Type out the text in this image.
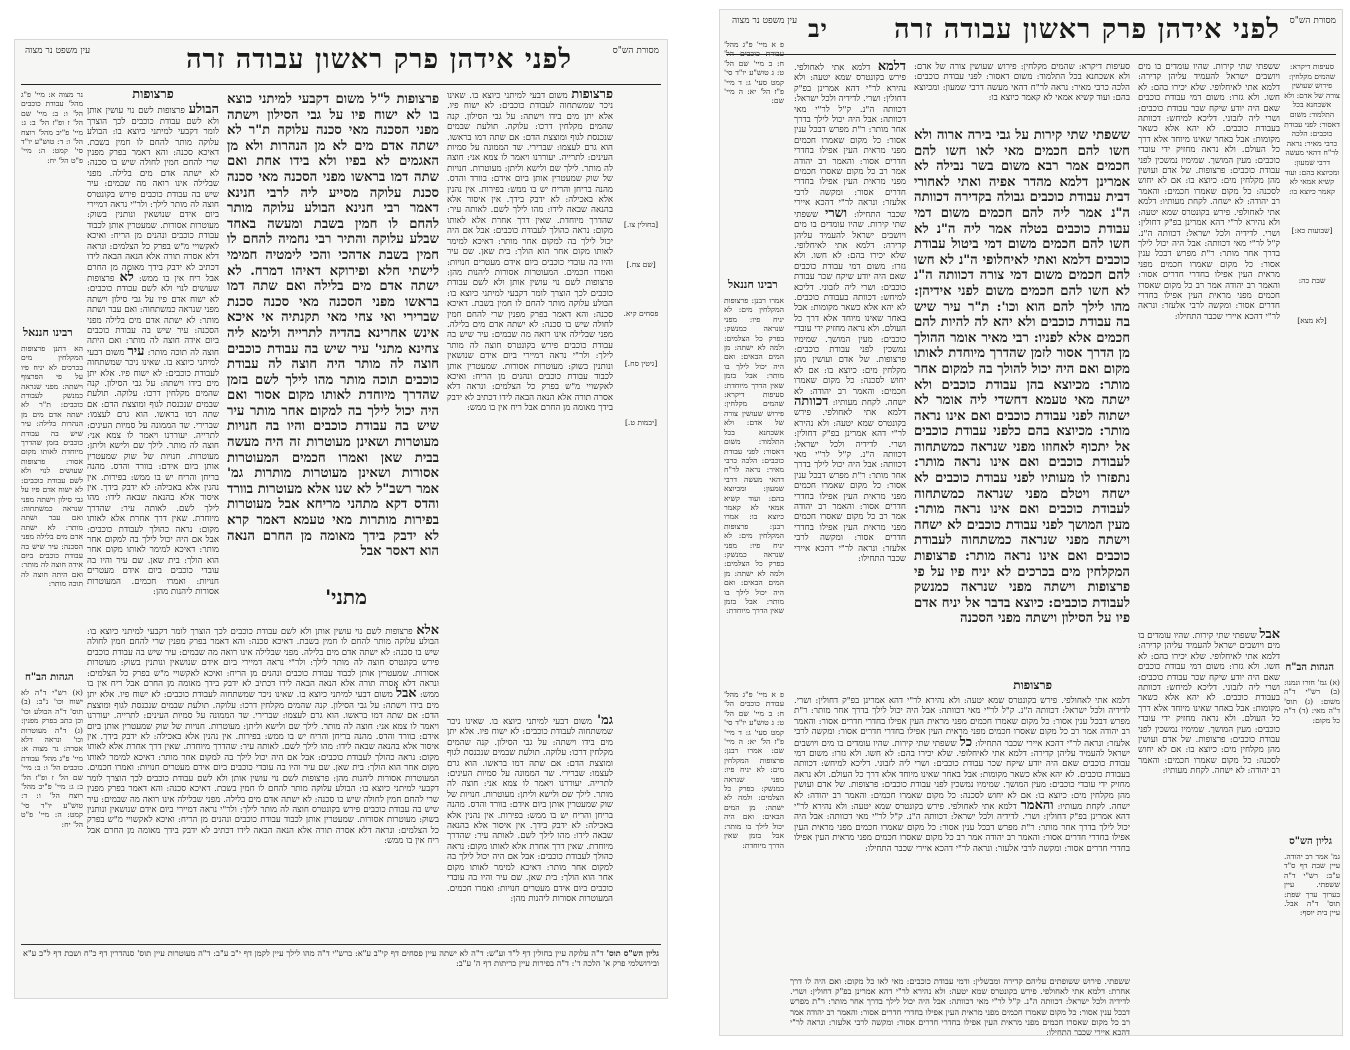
מסורת הש"ס
לפני אידהן פרק ראשון עבודה זרה
עין משפט נר מצוה
[בחולין צו.]
[שם צח.]
פסחים קיא.
[גיטין סח.]
[יבמות ט.]
פרצופות משום דבעי למיתני כיוצא בו. שאינו ניכר שמשתחוה לעבודת כוכבים: לא ישוח פיו. אלא יתן מים בידו וישתה: על גבי הסילון. קנה שהמים מקלחין דרכו: עלוקה. תולעת שבמים שנכנסת לגוף ומוצצת הדם: אם שתה דמו בראשו. הוא גרם לעצמו: שברירי. שד הממונה על סמיות העינים: לתרייה. יעוררנו ויאמר לו צמא אני: חוצה לה מותר. לילך שם ולישא וליתן: מעוטרות. חנויות של שוק שמעטרין אותן ביום אידם: בוורד והדס. מהנה בריחן והריח יש בו ממש: בפירות. אין נהנין אלא באכילה: לא ידבק בידך. אין איסור אלא בהנאה שבאה לידו: מהו לילך לשם. לאותה עיר: שהדרך מיוחדת. שאין דרך אחרת אלא לאותו מקום: נראה כהולך לעבודת כוכבים: אבל אם היה יכול לילך בה למקום אחר מותר: דאיכא למימר לאותו מקום אחר הוא הולך: בית שאן. שם עיר והיו בה עובדי כוכבים ביום אידם מעטרים חנויות: ואמרו חכמים. המעוטרות אסורות ליהנות מהן: פרצופות לשם נוי עושין אותן ולא לשם עבודת כוכבים לכך הוצרך לומר דקבעי למיתני כיוצא בו: הבולע עלוקה מותר להחם לו חמין בשבת. דאיכא סכנה: והא דאמר בפרק מפנין שרי להחם חמין לחולה שיש בו סכנה: לא ישתה אדם מים בלילה. מפני שבלילה אינו רואה מה שבמים: עיר שיש בה עבודת כוכבים פירש בקונטרס חוצה לה מותר לילך: ולר"י נראה דמיירי ביום אידם שנושאין ונותנין בשוק: מעוטרות אסורות. שמעטרין אותן לכבוד עבודת כוכבים ונהנים מן הריח: ואיכא לאקשויי מ"ש בפרק כל הצלמים: ונראה דלא אסרה תורה אלא הנאה הבאה לידו דכתיב לא ידבק בידך מאומה מן החרם אבל ריח אין בו ממש:
פרצופות ל"ל משום דקבעי למיתני כוצא בו לא ישוח פיו על גבי הסילון וישתה מפני הסכנה מאי סכנה עלוקה ת"ר לא ישתה אדם מים לא מן הנהרות ולא מן האגמים לא בפיו ולא בידו אחת ואם שתה דמו בראשו מפני הסכנה מאי סכנה סכנת עלוקה מסייע ליה לרבי חנינא דאמר רבי חנינא הבולע עלוקה מותר להחם לו חמין בשבת ומעשה באחד שבלע עלוקה והתיר רבי נחמיה להחם לו חמין בשבת אדהכי והכי לימטיה חמימי לישתי חלא ופירוקא דאיהו דמרח. לא ישתה אדם מים בלילה ואם שתה דמו בראשו מפני הסכנה מאי סכנה סכנת שברירי ואי צחי מאי תקנתיה אי איכא אינש אחרינא בהדיה לתרייה ולימא ליה צחינא מתני' עיר שיש בה עבודת כוכבים חוצה לה מותר היה חוצה לה עבודת כוכבים תוכה מותר מהו לילך לשם בזמן שהדרך מיוחדת לאותו מקום אסור ואם היה יכול לילך בה למקום אחר מותר עיר שיש בה עבודת כוכבים והיו בה חנויות מעוטרות ושאינן מעוטרות זה היה מעשה בבית שאן ואמרו חכמים המעוטרות אסורות ושאינן מעוטרות מותרות גמ' אמר רשב"ל לא שנו אלא מעוטרות בוורד והדס דקא מתהני מריחא אבל מעוטרות בפירות מותרות מאי טעמא דאמר קרא לא ידבק בידך מאומה מן החרם הנאה הוא דאסר אבל
מתני'
פרצופות
הבולע פרצופות לשם נוי עושין אותן ולא לשם עבודת כוכבים לכך הוצרך לומר דקבעי למיתני כיוצא בו: הבולע עלוקה מותר להחם לו חמין בשבת. דאיכא סכנה: והא דאמר בפרק מפנין שרי להחם חמין לחולה שיש בו סכנה: לא ישתה אדם מים בלילה. מפני שבלילה אינו רואה מה שבמים: עיר שיש בה עבודת כוכבים פירש בקונטרס חוצה לה מותר לילך: ולר"י נראה דמיירי ביום אידם שנושאין ונותנין בשוק: מעוטרות אסורות. שמעטרין אותן לכבוד עבודת כוכבים ונהנים מן הריח: ואיכא לאקשויי מ"ש בפרק כל הצלמים: ונראה דלא אסרה תורה אלא הנאה הבאה לידו דכתיב לא ידבק בידך מאומה מן החרם אבל ריח אין בו ממש: לא פרצופות שעושים לנוי ולא לשם עבודת כוכבים: לא ישוח אדם פיו על גבי סילון וישתה מפני שנראה כמשתחוה: ואם עבר ושתה מותר: לא ישתה אדם מים בלילה מפני הסכנה: עיר שיש בה עבודת כוכבים ביום אידה חוצה לה מותר: ואם היתה חוצה לה תוכה מותר: עיר משום דבעי למיתני כיוצא בו. שאינו ניכר שמשתחוה לעבודת כוכבים: לא ישוח פיו. אלא יתן מים בידו וישתה: על גבי הסילון. קנה שהמים מקלחין דרכו: עלוקה. תולעת שבמים שנכנסת לגוף ומוצצת הדם: אם שתה דמו בראשו. הוא גרם לעצמו: שברירי. שד הממונה על סמיות העינים: לתרייה. יעוררנו ויאמר לו צמא אני: חוצה לה מותר. לילך שם ולישא וליתן: מעוטרות. חנויות של שוק שמעטרין אותן ביום אידם: בוורד והדס. מהנה בריחן והריח יש בו ממש: בפירות. אין נהנין אלא באכילה: לא ידבק בידך. אין איסור אלא בהנאה שבאה לידו: מהו לילך לשם. לאותה עיר: שהדרך מיוחדת. שאין דרך אחרת אלא לאותו מקום: נראה כהולך לעבודת כוכבים: אבל אם היה יכול לילך בה למקום אחר מותר: דאיכא למימר לאותו מקום אחר הוא הולך: בית שאן. שם עיר והיו בה עובדי כוכבים ביום אידם מעטרים חנויות: ואמרו חכמים. המעוטרות אסורות ליהנות מהן:
נר מצוה א: מיי' פ"ג מהל' עבודת כוכבים הל' ו: ב: מיי' שם הל' ז ופ"ז הל' ב: ג: מיי' פ"יב מהל' רוצח הל' ו: ד: טוש"ע יו"ד סי' קמט: ה: מיי' פ"ט הל' יח:
רבינו חננאל
הא דתנן פרצופות המקלחין מים בכרכים לא יניח פיו על פי הפרצוף וישתה: מפני שנראה כמנשק לעבודת כוכבים: ת"ר לא ישתה אדם מים מן הנהרות בלילה: עיר שיש בה עבודת כוכבים בזמן שהדרך מיוחדת לאותו מקום אסור: פרצופות שעושים לנוי ולא לשם עבודת כוכבים: לא ישוח אדם פיו על גבי סילון וישתה מפני שנראה כמשתחוה: ואם עבר ושתה מותר: לא ישתה אדם מים בלילה מפני הסכנה: עיר שיש בה עבודת כוכבים ביום אידה חוצה לה מותר: ואם היתה חוצה לה תוכה מותר:
הגהות הב"ח
(א) רש"י ד"ה לא ישוח וכו' נ"ב: (ב) תוס' ד"ה הבולע וכו' וכן כתב בפרק מפנין: (ג) ד"ה מעוטרות וכו' ונראה דלא אסרה: נר מצוה א: מיי' פ"ג מהל' עבודת כוכבים הל' ו: ב: מיי' שם הל' ז ופ"ז הל' ב: ג: מיי' פ"יב מהל' רוצח הל' ו: ד: טוש"ע יו"ד סי' קמט: ה: מיי' פ"ט הל' יח:
גמ' משום דבעי למיתני כיוצא בו. שאינו ניכר שמשתחוה לעבודת כוכבים: לא ישוח פיו. אלא יתן מים בידו וישתה: על גבי הסילון. קנה שהמים מקלחין דרכו: עלוקה. תולעת שבמים שנכנסת לגוף ומוצצת הדם: אם שתה דמו בראשו. הוא גרם לעצמו: שברירי. שד הממונה על סמיות העינים: לתרייה. יעוררנו ויאמר לו צמא אני: חוצה לה מותר. לילך שם ולישא וליתן: מעוטרות. חנויות של שוק שמעטרין אותן ביום אידם: בוורד והדס. מהנה בריחן והריח יש בו ממש: בפירות. אין נהנין אלא באכילה: לא ידבק בידך. אין איסור אלא בהנאה שבאה לידו: מהו לילך לשם. לאותה עיר: שהדרך מיוחדת. שאין דרך אחרת אלא לאותו מקום: נראה כהולך לעבודת כוכבים: אבל אם היה יכול לילך בה למקום אחר מותר: דאיכא למימר לאותו מקום אחר הוא הולך: בית שאן. שם עיר והיו בה עובדי כוכבים ביום אידם מעטרים חנויות: ואמרו חכמים. המעוטרות אסורות ליהנות מהן:
אלא פרצופות לשם נוי עושין אותן ולא לשם עבודת כוכבים לכך הוצרך לומר דקבעי למיתני כיוצא בו: הבולע עלוקה מותר להחם לו חמין בשבת. דאיכא סכנה: והא דאמר בפרק מפנין שרי להחם חמין לחולה שיש בו סכנה: לא ישתה אדם מים בלילה. מפני שבלילה אינו רואה מה שבמים: עיר שיש בה עבודת כוכבים פירש בקונטרס חוצה לה מותר לילך: ולר"י נראה דמיירי ביום אידם שנושאין ונותנין בשוק: מעוטרות אסורות. שמעטרין אותן לכבוד עבודת כוכבים ונהנים מן הריח: ואיכא לאקשויי מ"ש בפרק כל הצלמים: ונראה דלא אסרה תורה אלא הנאה הבאה לידו דכתיב לא ידבק בידך מאומה מן החרם אבל ריח אין בו ממש: אבל משום דבעי למיתני כיוצא בו. שאינו ניכר שמשתחוה לעבודת כוכבים: לא ישוח פיו. אלא יתן מים בידו וישתה: על גבי הסילון. קנה שהמים מקלחין דרכו: עלוקה. תולעת שבמים שנכנסת לגוף ומוצצת הדם: אם שתה דמו בראשו. הוא גרם לעצמו: שברירי. שד הממונה על סמיות העינים: לתרייה. יעוררנו ויאמר לו צמא אני: חוצה לה מותר. לילך שם ולישא וליתן: מעוטרות. חנויות של שוק שמעטרין אותן ביום אידם: בוורד והדס. מהנה בריחן והריח יש בו ממש: בפירות. אין נהנין אלא באכילה: לא ידבק בידך. אין איסור אלא בהנאה שבאה לידו: מהו לילך לשם. לאותה עיר: שהדרך מיוחדת. שאין דרך אחרת אלא לאותו מקום: נראה כהולך לעבודת כוכבים: אבל אם היה יכול לילך בה למקום אחר מותר: דאיכא למימר לאותו מקום אחר הוא הולך: בית שאן. שם עיר והיו בה עובדי כוכבים ביום אידם מעטרים חנויות: ואמרו חכמים. המעוטרות אסורות ליהנות מהן: פרצופות לשם נוי עושין אותן ולא לשם עבודת כוכבים לכך הוצרך לומר דקבעי למיתני כיוצא בו: הבולע עלוקה מותר להחם לו חמין בשבת. דאיכא סכנה: והא דאמר בפרק מפנין שרי להחם חמין לחולה שיש בו סכנה: לא ישתה אדם מים בלילה. מפני שבלילה אינו רואה מה שבמים: עיר שיש בה עבודת כוכבים פירש בקונטרס חוצה לה מותר לילך: ולר"י נראה דמיירי ביום אידם שנושאין ונותנין בשוק: מעוטרות אסורות. שמעטרין אותן לכבוד עבודת כוכבים ונהנים מן הריח: ואיכא לאקשויי מ"ש בפרק כל הצלמים: ונראה דלא אסרה תורה אלא הנאה הבאה לידו דכתיב לא ידבק בידך מאומה מן החרם אבל ריח אין בו ממש:
גליון הש"ס תוס' ד"ה עלוקה עיין בחולין דף ל"ד וע"ש: ד"ה לא ישתה עיין פסחים דף קי"ב ע"א: ברש"י ד"ה מהו לילך עיין לקמן דף י"ב ע"ב: ד"ה מעוטרות עיין תוס' סנהדרין דף כ"ח ושבת דף ל"ב ע"א ובירושלמי פרק א' הלכה ד': ד"ה בפירות עיין כריתות דף ה' ע"ב:
מסורת הש"ס
לפני אידהן פרק ראשון עבודה זרה
יב
עין משפט נר מצוה
ששפתי שתי קירות. שהיו עומדים בו מים ויושבים ישראל להעמיד עליהן קדירה: דלמא אתי לאיחלופי. שלא יכירו בהם: לא חשו. ולא גזרו: משום דמי עבודת כוכבים שאם היה יודע שיקח שכר עבודת כוכבים: ושרי ליה לזבוני. דליכא למיחש: דכוותה בעבודת כוכבים. לא יהא אלא כשאר מקומות: אבל באחר שאינו מיוחד אלא דרך כל העולם. ולא נראה מחזיק ידי עובדי כוכבים: מעין המושך. שמימיו נמשכין לפני עבודת כוכבים: פרצופות. של אדם ועושין מהן מקלחין מים: כיוצא בו: אם לא יחוש לסכנה: כל מקום שאמרו חכמים: והאמר רב יהודה: לא ישחה. לקחת מעותיו: דלמא אתי לאחולפי. פירש בקונטרס שמא יטעה: ולא נהירא לר"י דהא אמרינן בפ"ק דחולין: ושרי. לדידיה ולכל ישראל: דכוותה ה"נ. ק"ל לר"י מאי דכוותה: אבל היה יכול לילך בדרך אחר מותר: ר"ת מפרש דבכל ענין אסור: כל מקום שאמרו חכמים מפני מראית העין אפילו בחדרי חדרים אסור: והאמר רב יהודה אמר רב כל מקום שאסרו חכמים מפני מראית העין אפילו בחדרי חדרים אסור: ומקשה לרבי אלעזר: ונראה לר"י דהכא איירי שכבר התחילו:
סעיפות דיקרא: שהמים מקלחין: פירוש שעושין צורה של אדם: ולא אשכחנא בכל התלמוד: משום דאסור: לפני עבודת כוכבים: הלכה כרבי מאיר: נראה לר"ח דהאי מעשה דרבי שמעון: ומכיוצא בהם: ועוד קשיא אמאי לא קאמר כיוצא בו:
[שבועות כא:]
שבת כה:
[לא מצא]
ששפתי שתי קירות על גבי בירה ארוה ולא חשו להם חכמים מאי לאו חשו להם חכמים אמר רבא משום בשר נבילה לא אמרינן דלמא מהדר אפיה ואתי לאחורי דבית עבודת כוכבים גבולה בקדירה דכוותה ה"נ אמר ליה להם חכמים משום דמי עבודת כוכבים בטלה אמר ליה ה"נ לא חשו להם חכמים משום דמי ביטול עבודת כוכבים דלמא ואתי לאיחלופי ה"נ לא חשו להם חכמים משום דמי צורה דכוותה ה"נ לא חשו להם חכמים משום לפני אידיהן: מהו לילך להם הוא וכו': ת"ר עיר שיש בה עבודת כוכבים ולא יהא לה להיות להם חכמים אלא לפניו: רבי מאיר אומר ההולך מן הדרך אסור לזמן שהדרך מיוחדת לאותו מקום ואם היה יכול להולך בה למקום אחר מותר: מכיוצא בהן עבודת כוכבים ולא ישתה מאי טעמא דחשדי ליה אומר לא ישתוה לפני עבודת כוכבים ואם אינו נראה מותר: מכיוצא בהם כלפני עבודת כוכבים אל יתכוף לאחוזו מפני שנראה כמשתחוה לעבודת כוכבים ואם אינו נראה מותר: נתפזרו לו מעותיו לפני עבודת כוכבים לא ישחה ויטלם מפני שנראה כמשתחוה לעבודת כוכבים ואם אינו נראה מותר: מעין המושך לפני עבודת כוכבים לא ישחה וישתה מפני שנראה כמשתחוה לעבודת כוכבים ואם אינו נראה מותר: פרצופות המקלחין מים בכרכים לא יניח פיו על פי פרצופות וישתה מפני שנראה כמנשק לעבודת כוכבים: כיוצא בדבר אל יניח אדם פיו על הסילון וישתה מפני הסכנה
פרצופות
דלמא דלמא אתי לאחולפי. פירש בקונטרס שמא יטעה: ולא נהירא לר"י דהא אמרינן בפ"ק דחולין: ושרי. לדידיה ולכל ישראל: דכוותה ה"נ. ק"ל לר"י מאי דכוותה: אבל היה יכול לילך בדרך אחר מותר: ר"ת מפרש דבכל ענין אסור: כל מקום שאמרו חכמים מפני מראית העין אפילו בחדרי חדרים אסור: והאמר רב יהודה אמר רב כל מקום שאסרו חכמים מפני מראית העין אפילו בחדרי חדרים אסור: ומקשה לרבי אלעזר: ונראה לר"י דהכא איירי שכבר התחילו: ושרי ששפתי שתי קירות. שהיו עומדים בו מים ויושבים ישראל להעמיד עליהן קדירה: דלמא אתי לאיחלופי. שלא יכירו בהם: לא חשו. ולא גזרו: משום דמי עבודת כוכבים שאם היה יודע שיקח שכר עבודת כוכבים: ושרי ליה לזבוני. דליכא למיחש: דכוותה בעבודת כוכבים. לא יהא אלא כשאר מקומות: אבל באחר שאינו מיוחד אלא דרך כל העולם. ולא נראה מחזיק ידי עובדי כוכבים: מעין המושך. שמימיו נמשכין לפני עבודת כוכבים: פרצופות. של אדם ועושין מהן מקלחין מים: כיוצא בו: אם לא יחוש לסכנה: כל מקום שאמרו חכמים: והאמר רב יהודה: לא ישחה. לקחת מעותיו: דכוותה דלמא אתי לאחולפי. פירש בקונטרס שמא יטעה: ולא נהירא לר"י דהא אמרינן בפ"ק דחולין: ושרי. לדידיה ולכל ישראל: דכוותה ה"נ. ק"ל לר"י מאי דכוותה: אבל היה יכול לילך בדרך אחר מותר: ר"ת מפרש דבכל ענין אסור: כל מקום שאמרו חכמים מפני מראית העין אפילו בחדרי חדרים אסור: והאמר רב יהודה אמר רב כל מקום שאסרו חכמים מפני מראית העין אפילו בחדרי חדרים אסור: ומקשה לרבי אלעזר: ונראה לר"י דהכא איירי שכבר התחילו:
סעיפות דיקרא: שהמים מקלחין: פירוש שעושין צורה של אדם: ולא אשכחנא בכל התלמוד: משום דאסור: לפני עבודת כוכבים: הלכה כרבי מאיר: נראה לר"ח דהאי מעשה דרבי שמעון: ומכיוצא בהם: ועוד קשיא אמאי לא קאמר כיוצא בו:
פ א מיי' פ"ג מהל' עבודת כוכבים הל' ח: ב מיי' שם הל' ט: ג טוש"ע יו"ד סי' קמט סעי' ג: ד מיי' פ"ז הל' יא: ה מיי' שם:
רבינו חננאל
אמרו רבנן: פרצופות המקלחין מים: לא יניח פיו: מפני שנראה כמנשק: בפרק כל הצלמים: ולמה לא ישתה: מן המים הבאים: ואם היה יכול לילך בו מותר: אבל בזמן שאין הדרך מיוחדת: סעיפות דיקרא: שהמים מקלחין: פירוש שעושין צורה של אדם: ולא אשכחנא בכל התלמוד: משום דאסור: לפני עבודת כוכבים: הלכה כרבי מאיר: נראה לר"ח דהאי מעשה דרבי שמעון: ומכיוצא בהם: ועוד קשיא אמאי לא קאמר כיוצא בו: אמרו רבנן: פרצופות המקלחין מים: לא יניח פיו: מפני שנראה כמנשק: בפרק כל הצלמים: ולמה לא ישתה: מן המים הבאים: ואם היה יכול לילך בו מותר: אבל בזמן שאין הדרך מיוחדת:
אבל ששפתי שתי קירות. שהיו עומדים בו מים ויושבים ישראל להעמיד עליהן קדירה: דלמא אתי לאיחלופי. שלא יכירו בהם: לא חשו. ולא גזרו: משום דמי עבודת כוכבים שאם היה יודע שיקח שכר עבודת כוכבים: ושרי ליה לזבוני. דליכא למיחש: דכוותה בעבודת כוכבים. לא יהא אלא כשאר מקומות: אבל באחר שאינו מיוחד אלא דרך כל העולם. ולא נראה מחזיק ידי עובדי כוכבים: מעין המושך. שמימיו נמשכין לפני עבודת כוכבים: פרצופות. של אדם ועושין מהן מקלחין מים: כיוצא בו: אם לא יחוש לסכנה: כל מקום שאמרו חכמים: והאמר רב יהודה: לא ישחה. לקחת מעותיו:
דלמא אתי לאחולפי. פירש בקונטרס שמא יטעה: ולא נהירא לר"י דהא אמרינן בפ"ק דחולין: ושרי. לדידיה ולכל ישראל: דכוותה ה"נ. ק"ל לר"י מאי דכוותה: אבל היה יכול לילך בדרך אחר מותר: ר"ת מפרש דבכל ענין אסור: כל מקום שאמרו חכמים מפני מראית העין אפילו בחדרי חדרים אסור: והאמר רב יהודה אמר רב כל מקום שאסרו חכמים מפני מראית העין אפילו בחדרי חדרים אסור: ומקשה לרבי אלעזר: ונראה לר"י דהכא איירי שכבר התחילו: כל ששפתי שתי קירות. שהיו עומדים בו מים ויושבים ישראל להעמיד עליהן קדירה: דלמא אתי לאיחלופי. שלא יכירו בהם: לא חשו. ולא גזרו: משום דמי עבודת כוכבים שאם היה יודע שיקח שכר עבודת כוכבים: ושרי ליה לזבוני. דליכא למיחש: דכוותה בעבודת כוכבים. לא יהא אלא כשאר מקומות: אבל באחר שאינו מיוחד אלא דרך כל העולם. ולא נראה מחזיק ידי עובדי כוכבים: מעין המושך. שמימיו נמשכין לפני עבודת כוכבים: פרצופות. של אדם ועושין מהן מקלחין מים: כיוצא בו: אם לא יחוש לסכנה: כל מקום שאמרו חכמים: והאמר רב יהודה: לא ישחה. לקחת מעותיו: והאמר דלמא אתי לאחולפי. פירש בקונטרס שמא יטעה: ולא נהירא לר"י דהא אמרינן בפ"ק דחולין: ושרי. לדידיה ולכל ישראל: דכוותה ה"נ. ק"ל לר"י מאי דכוותה: אבל היה יכול לילך בדרך אחר מותר: ר"ת מפרש דבכל ענין אסור: כל מקום שאמרו חכמים מפני מראית העין אפילו בחדרי חדרים אסור: והאמר רב יהודה אמר רב כל מקום שאסרו חכמים מפני מראית העין אפילו בחדרי חדרים אסור: ומקשה לרבי אלעזר: ונראה לר"י דהכא איירי שכבר התחילו:
הגהות הב"ח
(א) גמ' חזרו ונמנו: (ב) רש"י ד"ה משום: (ג) תוס' ד"ה מאי: (ד) ד"ה כל מקום:
גליון הש"ס
גמ' אמר רב יהודה. עיין שבת דף ס"ד ע"ב: רש"י ד"ה ששפתי. עיין בערוך ערך שפת: תוס' ד"ה אבל. עיין בית יוסף:
פ א מיי' פ"ג מהל' עבודת כוכבים הל' ח: ב מיי' שם הל' ט: ג טוש"ע יו"ד סי' קמט סעי' ג: ד מיי' פ"ז הל' יא: ה מיי' שם: אמרו רבנן: פרצופות המקלחין מים: לא יניח פיו: מפני שנראה כמנשק: בפרק כל הצלמים: ולמה לא ישתה: מן המים הבאים: ואם היה יכול לילך בו מותר: אבל בזמן שאין הדרך מיוחדת:
ששפתי. פירוש ששופתים עליהם קדירה ומבשלין: ודמי עבודת כוכבים: מאי לאו כל מקום: ואם היה לו דרך אחרת: דלמא אתי לאחולפי. פירש בקונטרס שמא יטעה: ולא נהירא לר"י דהא אמרינן בפ"ק דחולין: ושרי. לדידיה ולכל ישראל: דכוותה ה"נ. ק"ל לר"י מאי דכוותה: אבל היה יכול לילך בדרך אחר מותר: ר"ת מפרש דבכל ענין אסור: כל מקום שאמרו חכמים מפני מראית העין אפילו בחדרי חדרים אסור: והאמר רב יהודה אמר רב כל מקום שאסרו חכמים מפני מראית העין אפילו בחדרי חדרים אסור: ומקשה לרבי אלעזר: ונראה לר"י דהכא איירי שכבר התחילו:
